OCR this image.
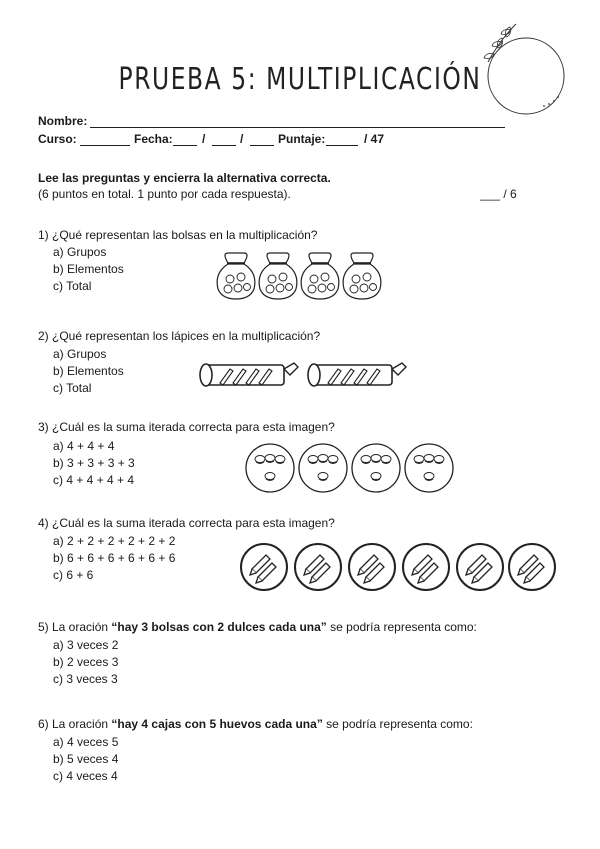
PRUEBA 5: MULTIPLICACIÓN
Nombre:
Curso:	Fecha: /	/	Puntaje:	/ 47
Lee las preguntas y encierra la alternativa correcta.
(6 puntos en total. 1 punto por cada respuesta).	___ / 6
1) ¿Qué representan las bolsas en la multiplicación?
a) Grupos
b) Elementos
c) Total
2) ¿Qué representan los lápices en la multiplicación?
a) Grupos
b) Elementos
c) Total
3) ¿Cuál es la suma iterada correcta para esta imagen?
a) 4 + 4 + 4
b) 3 + 3 + 3 + 3
c) 4 + 4 + 4 + 4
4) ¿Cuál es la suma iterada correcta para esta imagen?
a) 2 + 2 + 2 + 2 + 2 + 2
b) 6 + 6 + 6 + 6 + 6 + 6
c) 6 + 6
5) La oración “hay 3 bolsas con 2 dulces cada una” se podría representa como:
a) 3 veces 2
b) 2 veces 3
c) 3 veces 3
6) La oración “hay 4 cajas con 5 huevos cada una” se podría representa como:
a) 4 veces 5
b) 5 veces 4
c) 4 veces 4
